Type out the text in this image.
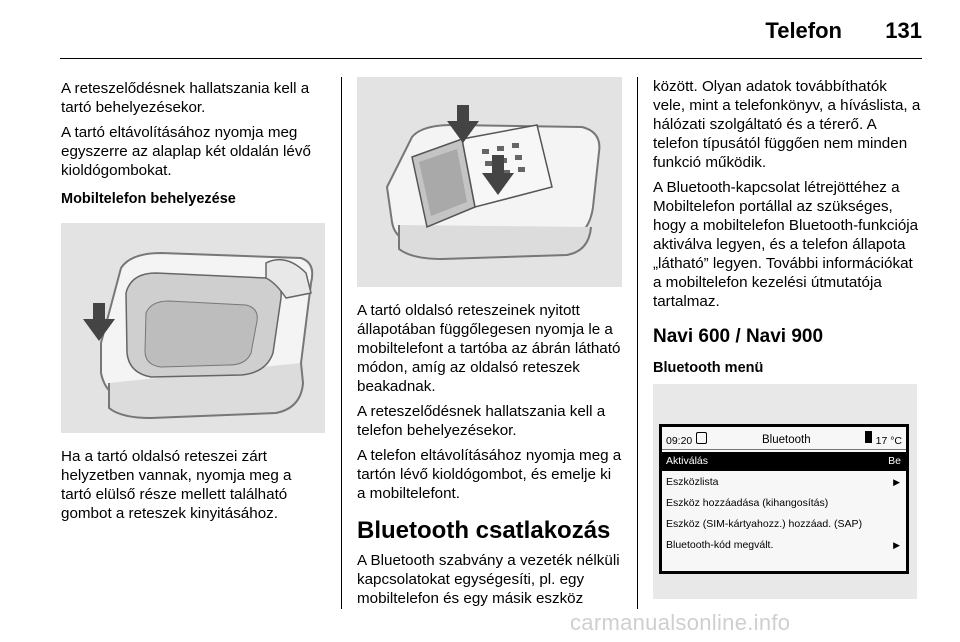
Telefon 131

A reteszelődésnek hallatszania kell a tartó behelyezésekor.

A tartó eltávolításához nyomja meg egyszerre az alaplap két oldalán lévő kioldógombokat.

Mobiltelefon behelyezése

Ha a tartó oldalsó reteszei zárt helyzetben vannak, nyomja meg a tartó elülső része mellett található gombot a reteszek kinyitásához.

A tartó oldalsó reteszeinek nyitott állapotában függőlegesen nyomja le a mobiltelefont a tartóba az ábrán látható módon, amíg az oldalsó reteszek beakadnak.

A reteszelődésnek hallatszania kell a telefon behelyezésekor.

A telefon eltávolításához nyomja meg a tartón lévő kioldógombot, és emelje ki a mobiltelefont.

Bluetooth csatlakozás

A Bluetooth szabvány a vezeték nélküli kapcsolatokat egységesíti, pl. egy mobiltelefon és egy másik eszköz

között. Olyan adatok továbbíthatók vele, mint a telefonkönyv, a híváslista, a hálózati szolgáltató és a térerő. A telefon típusától függően nem minden funkció működik.

A Bluetooth-kapcsolat létrejöttéhez a Mobiltelefon portállal az szükséges, hogy a mobiltelefon Bluetooth-funkciója aktiválva legyen, és a telefon állapota „látható” legyen. További információkat a mobiltelefon kezelési útmutatója tartalmaz.

Navi 600 / Navi 900

Bluetooth menü

09:20	Bluetooth	17 °C
Aktiválás	Be
Eszközlista	▶
Eszköz hozzáadása (kihangosítás)
Eszköz (SIM-kártyahozz.) hozzáad. (SAP)
Bluetooth-kód megvált.	▶
carmanualsonline.info
